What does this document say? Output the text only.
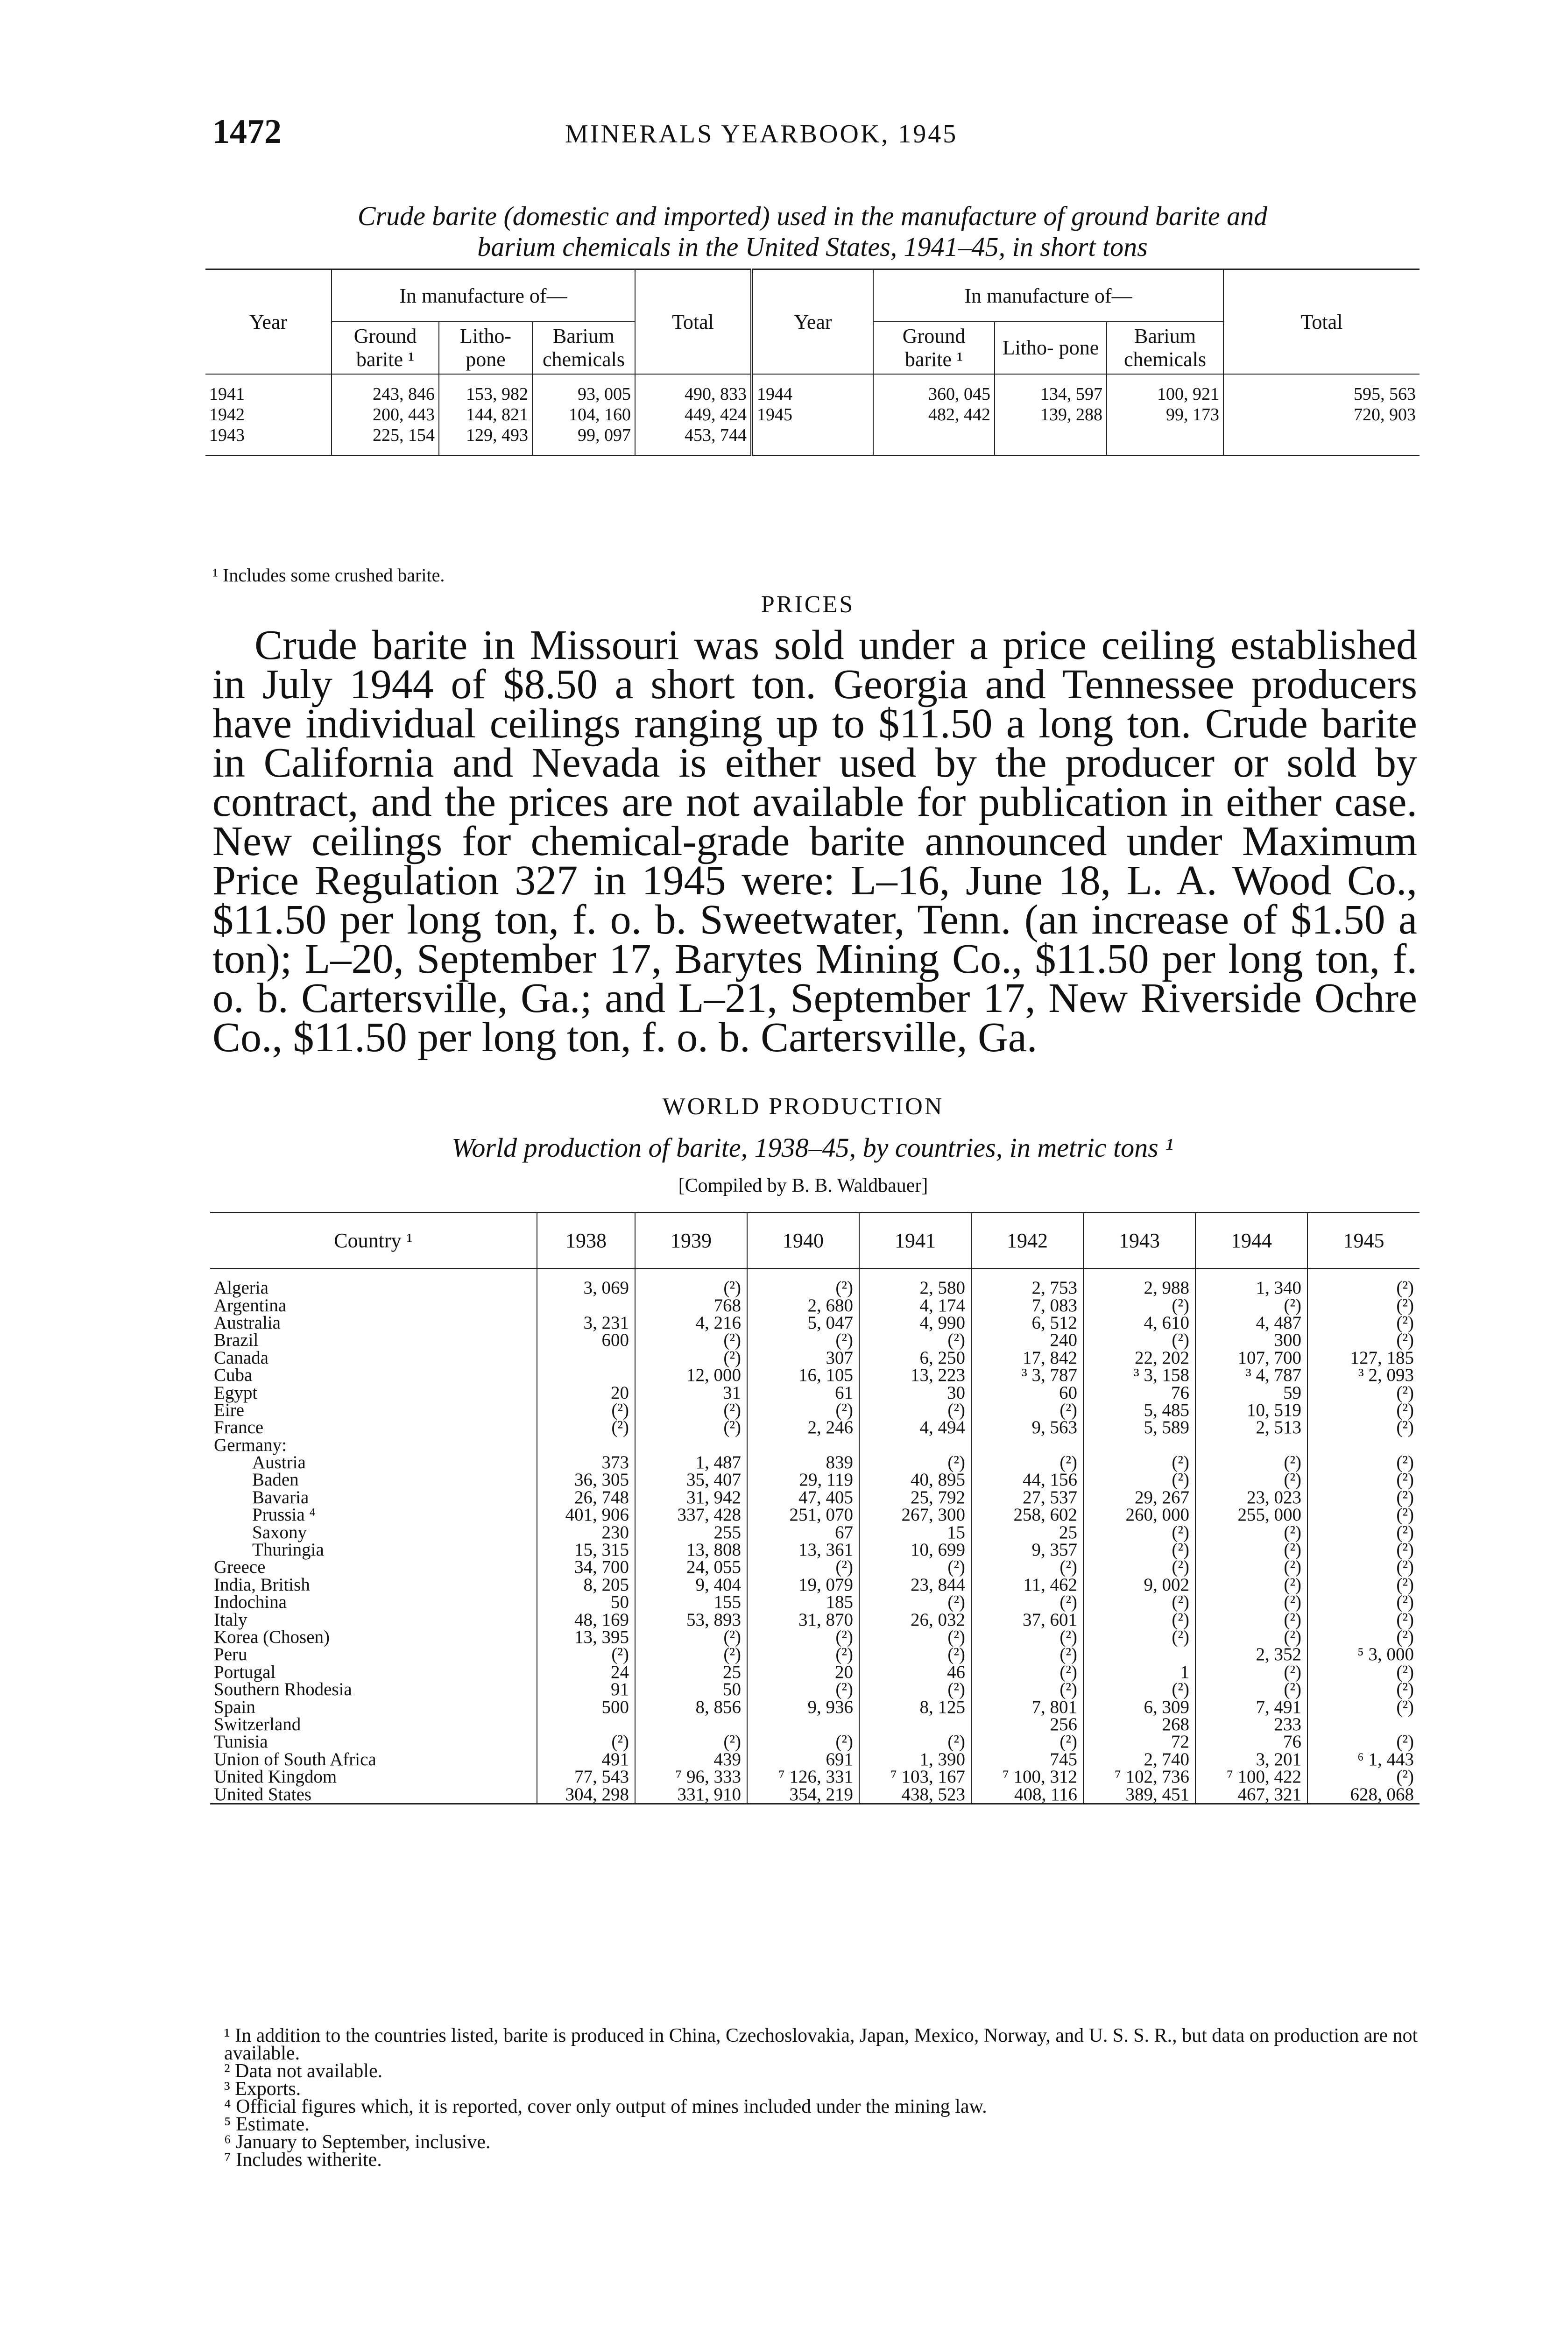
1472	MINERALS YEARBOOK, 1945
Crude barite (domestic and imported) used in the manufacture of ground barite and
barium chemicals in the United States, 1941–45, in short tons
Year	In manufacture of—			Total	Year	In manufacture of—			Total
	Ground barite ¹	Litho- pone	Barium chemicals			Ground barite ¹	Litho- pone	Barium chemicals	

1941	243, 846	153, 982	93, 005	490, 833	1944	360, 045	134, 597	100, 921	595, 563
1942	200, 443	144, 821	104, 160	449, 424	1945	482, 442	139, 288	99, 173	720, 903
1943	225, 154	129, 493	99, 097	453, 744					

¹ Includes some crushed barite.
PRICES
Crude barite in Missouri was sold under a price ceiling established in July 1944 of $8.50 a short ton. Georgia and Tennessee producers have individual ceilings ranging up to $11.50 a long ton. Crude barite in California and Nevada is either used by the producer or sold by contract, and the prices are not available for publication in either case. New ceilings for chemical-grade barite announced under Maximum Price Regulation 327 in 1945 were: L–16, June 18, L. A. Wood Co., $11.50 per long ton, f. o. b. Sweetwater, Tenn. (an increase of $1.50 a ton); L–20, September 17, Barytes Mining Co., $11.50 per long ton, f. o. b. Cartersville, Ga.; and L–21, September 17, New Riverside Ochre Co., $11.50 per long ton, f. o. b. Cartersville, Ga.
WORLD PRODUCTION
World production of barite, 1938–45, by countries, in metric tons ¹
[Compiled by B. B. Waldbauer]
Country ¹	1938	1939	1940	1941	1942	1943	1944	1945

Algeria	3, 069	(²)	(²)	2, 580	2, 753	2, 988	1, 340	(²)
Argentina		768	2, 680	4, 174	7, 083	(²)	(²)	(²)
Australia	3, 231	4, 216	5, 047	4, 990	6, 512	4, 610	4, 487	(²)
Brazil	600	(²)	(²)	(²)	240	(²)	300	(²)
Canada		(²)	307	6, 250	17, 842	22, 202	107, 700	127, 185
Cuba		12, 000	16, 105	13, 223	³ 3, 787	³ 3, 158	³ 4, 787	³ 2, 093
Egypt	20	31	61	30	60	76	59	(²)
Eire	(²)	(²)	(²)	(²)	(²)	5, 485	10, 519	(²)
France	(²)	(²)	2, 246	4, 494	9, 563	5, 589	2, 513	(²)
Germany:								
Austria	373	1, 487	839	(²)	(²)	(²)	(²)	(²)
Baden	36, 305	35, 407	29, 119	40, 895	44, 156	(²)	(²)	(²)
Bavaria	26, 748	31, 942	47, 405	25, 792	27, 537	29, 267	23, 023	(²)
Prussia ⁴	401, 906	337, 428	251, 070	267, 300	258, 602	260, 000	255, 000	(²)
Saxony	230	255	67	15	25	(²)	(²)	(²)
Thuringia	15, 315	13, 808	13, 361	10, 699	9, 357	(²)	(²)	(²)
Greece	34, 700	24, 055	(²)	(²)	(²)	(²)	(²)	(²)
India, British	8, 205	9, 404	19, 079	23, 844	11, 462	9, 002	(²)	(²)
Indochina	50	155	185	(²)	(²)	(²)	(²)	(²)
Italy	48, 169	53, 893	31, 870	26, 032	37, 601	(²)	(²)	(²)
Korea (Chosen)	13, 395	(²)	(²)	(²)	(²)	(²)	(²)	(²)
Peru	(²)	(²)	(²)	(²)	(²)		2, 352	⁵ 3, 000
Portugal	24	25	20	46	(²)	1	(²)	(²)
Southern Rhodesia	91	50	(²)	(²)	(²)	(²)	(²)	(²)
Spain	500	8, 856	9, 936	8, 125	7, 801	6, 309	7, 491	(²)
Switzerland					256	268	233	
Tunisia	(²)	(²)	(²)	(²)	(²)	72	76	(²)
Union of South Africa	491	439	691	1, 390	745	2, 740	3, 201	⁶ 1, 443
United Kingdom	77, 543	⁷ 96, 333	⁷ 126, 331	⁷ 103, 167	⁷ 100, 312	⁷ 102, 736	⁷ 100, 422	(²)
United States	304, 298	331, 910	354, 219	438, 523	408, 116	389, 451	467, 321	628, 068
¹ In addition to the countries listed, barite is produced in China, Czechoslovakia, Japan, Mexico, Norway, and U. S. S. R., but data on production are not available.
² Data not available.
³ Exports.
⁴ Official figures which, it is reported, cover only output of mines included under the mining law.
⁵ Estimate.
⁶ January to September, inclusive.
⁷ Includes witherite.
